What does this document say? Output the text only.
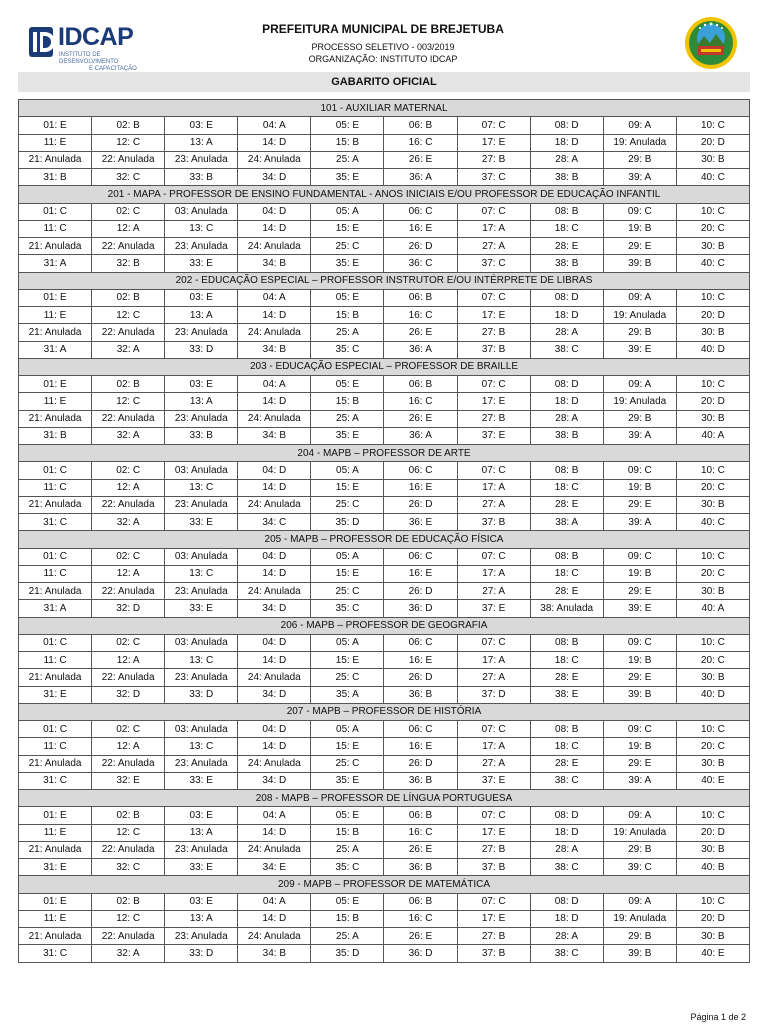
IDCAP
INSTITUTO DE DESENVOLVIMENTO
E CAPACITAÇÃO
PREFEITURA MUNICIPAL DE BREJETUBA
PROCESSO SELETIVO - 003/2019
ORGANIZAÇÃO: INSTITUTO IDCAP
GABARITO OFICIAL
101 - AUXILIAR MATERNAL									
01: E	02: B	03: E	04: A	05: E	06: B	07: C	08: D	09: A	10: C
11: E	12: C	13: A	14: D	15: B	16: C	17: E	18: D	19: Anulada	20: D
21: Anulada	22: Anulada	23: Anulada	24: Anulada	25: A	26: E	27: B	28: A	29: B	30: B
31: B	32: C	33: B	34: D	35: E	36: A	37: C	38: B	39: A	40: C
201 - MAPA - PROFESSOR DE ENSINO FUNDAMENTAL - ANOS INICIAIS E/OU PROFESSOR DE EDUCAÇÃO INFANTIL									
01: C	02: C	03: Anulada	04: D	05: A	06: C	07: C	08: B	09: C	10: C
11: C	12: A	13: C	14: D	15: E	16: E	17: A	18: C	19: B	20: C
21: Anulada	22: Anulada	23: Anulada	24: Anulada	25: C	26: D	27: A	28: E	29: E	30: B
31: A	32: B	33: E	34: B	35: E	36: C	37: C	38: B	39: B	40: C
202 - EDUCAÇÃO ESPECIAL – PROFESSOR INSTRUTOR E/OU INTÉRPRETE DE LIBRAS									
01: E	02: B	03: E	04: A	05: E	06: B	07: C	08: D	09: A	10: C
11: E	12: C	13: A	14: D	15: B	16: C	17: E	18: D	19: Anulada	20: D
21: Anulada	22: Anulada	23: Anulada	24: Anulada	25: A	26: E	27: B	28: A	29: B	30: B
31: A	32: A	33: D	34: B	35: C	36: A	37: B	38: C	39: E	40: D
203 - EDUCAÇÃO ESPECIAL – PROFESSOR DE BRAILLE									
01: E	02: B	03: E	04: A	05: E	06: B	07: C	08: D	09: A	10: C
11: E	12: C	13: A	14: D	15: B	16: C	17: E	18: D	19: Anulada	20: D
21: Anulada	22: Anulada	23: Anulada	24: Anulada	25: A	26: E	27: B	28: A	29: B	30: B
31: B	32: A	33: B	34: B	35: E	36: A	37: E	38: B	39: A	40: A
204 - MAPB – PROFESSOR DE ARTE									
01: C	02: C	03: Anulada	04: D	05: A	06: C	07: C	08: B	09: C	10: C
11: C	12: A	13: C	14: D	15: E	16: E	17: A	18: C	19: B	20: C
21: Anulada	22: Anulada	23: Anulada	24: Anulada	25: C	26: D	27: A	28: E	29: E	30: B
31: C	32: A	33: E	34: C	35: D	36: E	37: B	38: A	39: A	40: C
205 - MAPB – PROFESSOR DE EDUCAÇÃO FÍSICA									
01: C	02: C	03: Anulada	04: D	05: A	06: C	07: C	08: B	09: C	10: C
11: C	12: A	13: C	14: D	15: E	16: E	17: A	18: C	19: B	20: C
21: Anulada	22: Anulada	23: Anulada	24: Anulada	25: C	26: D	27: A	28: E	29: E	30: B
31: A	32: D	33: E	34: D	35: C	36: D	37: E	38: Anulada	39: E	40: A
206 - MAPB – PROFESSOR DE GEOGRAFIA									
01: C	02: C	03: Anulada	04: D	05: A	06: C	07: C	08: B	09: C	10: C
11: C	12: A	13: C	14: D	15: E	16: E	17: A	18: C	19: B	20: C
21: Anulada	22: Anulada	23: Anulada	24: Anulada	25: C	26: D	27: A	28: E	29: E	30: B
31: E	32: D	33: D	34: D	35: A	36: B	37: D	38: E	39: B	40: D
207 - MAPB – PROFESSOR DE HISTÓRIA									
01: C	02: C	03: Anulada	04: D	05: A	06: C	07: C	08: B	09: C	10: C
11: C	12: A	13: C	14: D	15: E	16: E	17: A	18: C	19: B	20: C
21: Anulada	22: Anulada	23: Anulada	24: Anulada	25: C	26: D	27: A	28: E	29: E	30: B
31: C	32: E	33: E	34: D	35: E	36: B	37: E	38: C	39: A	40: E
208 - MAPB – PROFESSOR DE LÍNGUA PORTUGUESA									
01: E	02: B	03: E	04: A	05: E	06: B	07: C	08: D	09: A	10: C
11: E	12: C	13: A	14: D	15: B	16: C	17: E	18: D	19: Anulada	20: D
21: Anulada	22: Anulada	23: Anulada	24: Anulada	25: A	26: E	27: B	28: A	29: B	30: B
31: E	32: C	33: E	34: E	35: C	36: B	37: B	38: C	39: C	40: B
209 - MAPB – PROFESSOR DE MATEMÁTICA									
01: E	02: B	03: E	04: A	05: E	06: B	07: C	08: D	09: A	10: C
11: E	12: C	13: A	14: D	15: B	16: C	17: E	18: D	19: Anulada	20: D
21: Anulada	22: Anulada	23: Anulada	24: Anulada	25: A	26: E	27: B	28: A	29: B	30: B
31: C	32: A	33: D	34: B	35: D	36: D	37: B	38: C	39: B	40: E
Página 1 de 2
